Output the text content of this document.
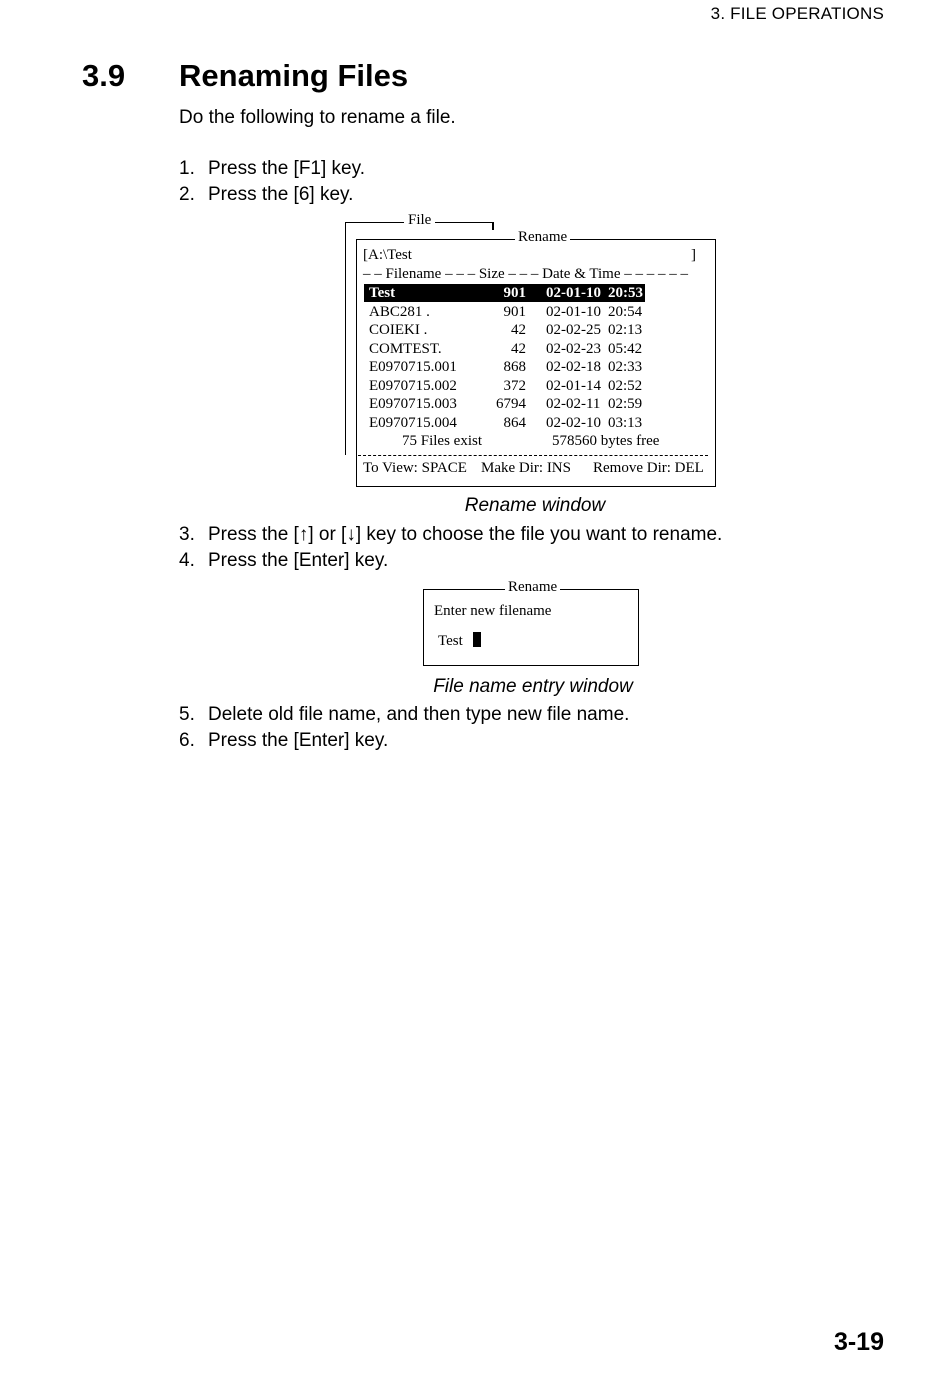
3. FILE OPERATIONS
3.9 Renaming Files
Do the following to rename a file.
1. Press the [F1] key.
2. Press the [6] key.
File
Rename
[A:\Test	]
– – Filename – – – Size – – – Date & Time – – – – – –
Test	901 02-01-10 20:53
ABC281 .	901 02-01-10 20:54
COIEKI .	42 02-02-25 02:13
COMTEST.	42 02-02-23 05:42
E0970715.001	868 02-02-18 02:33
E0970715.002	372 02-01-14 02:52
E0970715.003	6794 02-02-11 02:59
E0970715.004	864 02-02-10 03:13
75 Files exist	578560 bytes free
To View: SPACE Make Dir: INS Remove Dir: DEL
Rename window
3. Press the [↑] or [↓] key to choose the file you want to rename.
4. Press the [Enter] key.
Rename
Enter new filename
Test
File name entry window
5. Delete old file name, and then type new file name.
6. Press the [Enter] key.
3-19
